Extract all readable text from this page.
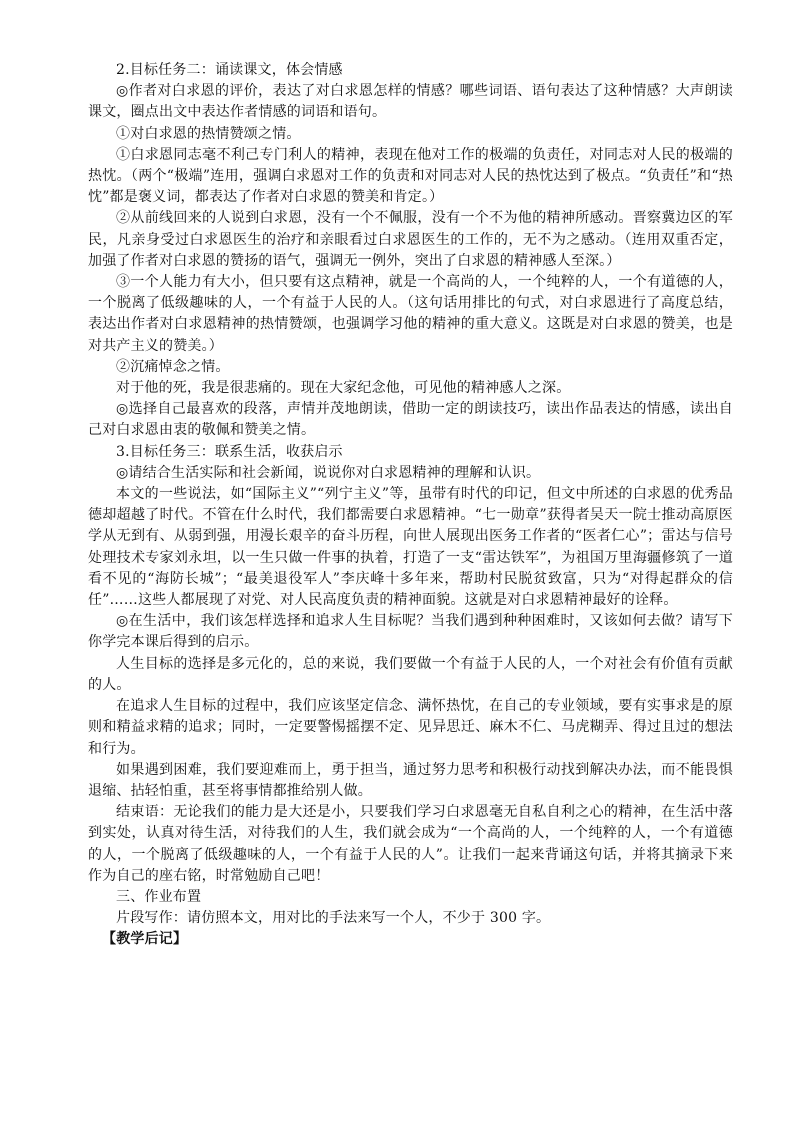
2.目标任务二：诵读课文，体会情感

◎作者对白求恩的评价，表达了对白求恩怎样的情感？哪些词语、语句表达了这种情感？大声朗读课文，圈点出文中表达作者情感的词语和语句。

①对白求恩的热情赞颂之情。

①白求恩同志毫不利己专门利人的精神，表现在他对工作的极端的负责任，对同志对人民的极端的热忱。（两个“极端”连用，强调白求恩对工作的负责和对同志对人民的热忱达到了极点。“负责任”和“热忱”都是褒义词，都表达了作者对白求恩的赞美和肯定。）

②从前线回来的人说到白求恩，没有一个不佩服，没有一个不为他的精神所感动。晋察冀边区的军民，凡亲身受过白求恩医生的治疗和亲眼看过白求恩医生的工作的，无不为之感动。（连用双重否定，加强了作者对白求恩的赞扬的语气，强调无一例外，突出了白求恩的精神感人至深。）

③一个人能力有大小，但只要有这点精神，就是一个高尚的人，一个纯粹的人，一个有道德的人，一个脱离了低级趣味的人，一个有益于人民的人。（这句话用排比的句式，对白求恩进行了高度总结，表达出作者对白求恩精神的热情赞颂，也强调学习他的精神的重大意义。这既是对白求恩的赞美，也是对共产主义的赞美。）

②沉痛悼念之情。

对于他的死，我是很悲痛的。现在大家纪念他，可见他的精神感人之深。

◎选择自己最喜欢的段落，声情并茂地朗读，借助一定的朗读技巧，读出作品表达的情感，读出自己对白求恩由衷的敬佩和赞美之情。

3.目标任务三：联系生活，收获启示

◎请结合生活实际和社会新闻，说说你对白求恩精神的理解和认识。

本文的一些说法，如“国际主义”“列宁主义”等，虽带有时代的印记，但文中所述的白求恩的优秀品德却超越了时代。不管在什么时代，我们都需要白求恩精神。“七一勋章”获得者吴天一院士推动高原医学从无到有、从弱到强，用漫长艰辛的奋斗历程，向世人展现出医务工作者的“医者仁心”；雷达与信号处理技术专家刘永坦，以一生只做一件事的执着，打造了一支“雷达铁军”，为祖国万里海疆修筑了一道看不见的“海防长城”；“最美退役军人”李庆峰十多年来，帮助村民脱贫致富，只为“对得起群众的信任”……这些人都展现了对党、对人民高度负责的精神面貌。这就是对白求恩精神最好的诠释。

◎在生活中，我们该怎样选择和追求人生目标呢？当我们遇到种种困难时，又该如何去做？请写下你学完本课后得到的启示。

人生目标的选择是多元化的，总的来说，我们要做一个有益于人民的人，一个对社会有价值有贡献的人。

在追求人生目标的过程中，我们应该坚定信念、满怀热忱，在自己的专业领域，要有实事求是的原则和精益求精的追求；同时，一定要警惕摇摆不定、见异思迁、麻木不仁、马虎糊弄、得过且过的想法和行为。

如果遇到困难，我们要迎难而上，勇于担当，通过努力思考和积极行动找到解决办法，而不能畏惧退缩、拈轻怕重，甚至将事情都推给别人做。

结束语：无论我们的能力是大还是小，只要我们学习白求恩毫无自私自利之心的精神，在生活中落到实处，认真对待生活，对待我们的人生，我们就会成为“一个高尚的人，一个纯粹的人，一个有道德的人，一个脱离了低级趣味的人，一个有益于人民的人”。让我们一起来背诵这句话，并将其摘录下来作为自己的座右铭，时常勉励自己吧！

三、作业布置

片段写作：请仿照本文，用对比的手法来写一个人，不少于 300 字。

【教学后记】
